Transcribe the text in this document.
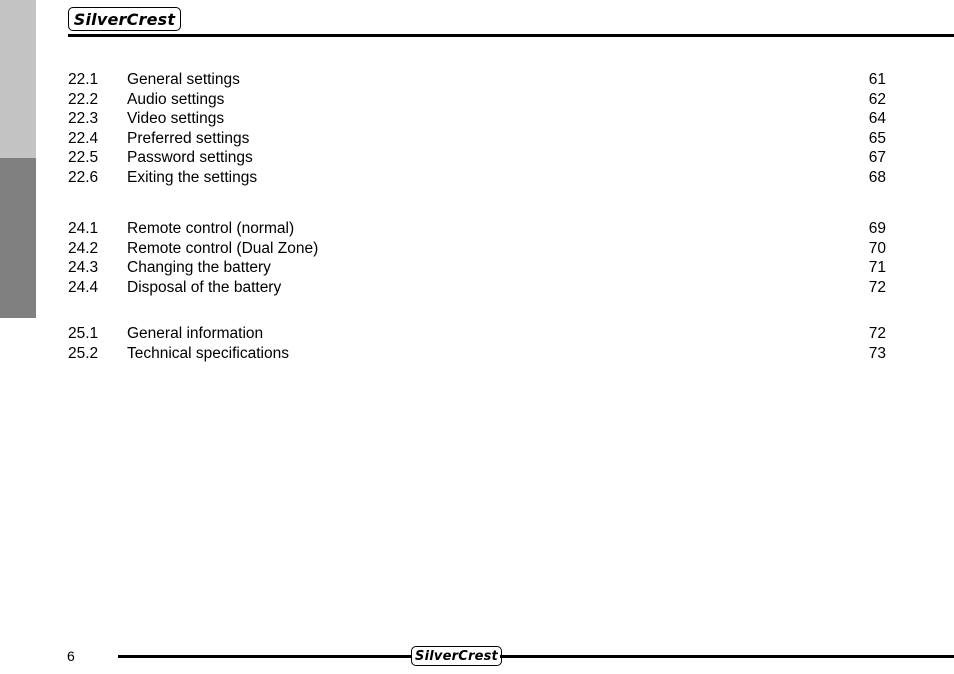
SilverCrest
22.1 General settings	61
22.2 Audio settings	62
22.3 Video settings	64
22.4 Preferred settings	65
22.5 Password settings	67
22.6 Exiting the settings	68
24.1 Remote control (normal)	69
24.2 Remote control (Dual Zone)	70
24.3 Changing the battery	71
24.4 Disposal of the battery	72
25.1 General information	72
25.2 Technical specifications	73
6	SilverCrest
